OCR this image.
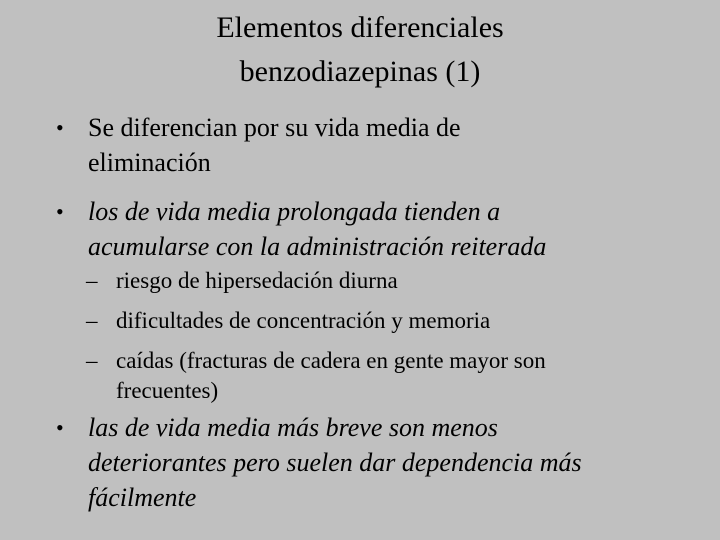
Elementos diferenciales
benzodiazepinas (1)
• Se diferencian por su vida media de
eliminación
• los de vida media prolongada tienden a
acumularse con la administración reiterada
– riesgo de hipersedación diurna
– dificultades de concentración y memoria
– caídas (fracturas de cadera en gente mayor son
frecuentes)
• las de vida media más breve son menos
deteriorantes pero suelen dar dependencia más
fácilmente
